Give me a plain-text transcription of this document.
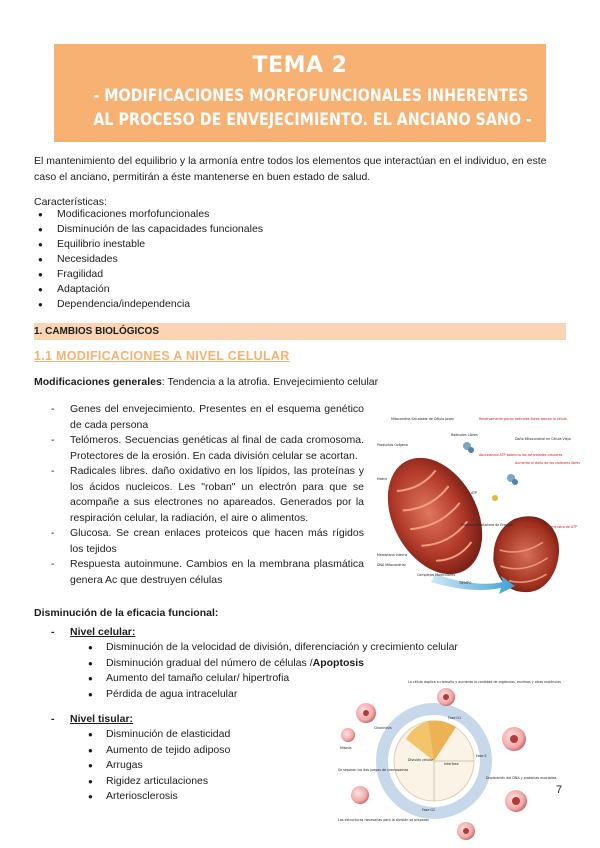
TEMA 2
- MODIFICACIONES MORFOFUNCIONALES INHERENTES
AL PROCESO DE ENVEJECIMIENTO. EL ANCIANO SANO -
El mantenimiento del equilibrio y la armonía entre todos los elementos que interactúan en el individuo, en este caso el anciano, permitirán a éste mantenerse en buen estado de salud.
Características:
● Modificaciones morfofuncionales
● Disminución de las capacidades funcionales
● Equilibrio inestable
● Necesidades
● Fragilidad
● Adaptación
● Dependencia/independencia
1. CAMBIOS BIOLÓGICOS
1.1 MODIFICACIONES A NIVEL CELULAR
Modificaciones generales: Tendencia a la atrofia. Envejecimiento celular
- Genes del envejecimiento. Presentes en el esquema genético de cada persona
- Telómeros. Secuencias genéticas al final de cada cromosoma. Protectores de la erosión. En cada división celular se acortan.
- Radicales libres. daño oxidativo en los lípidos, las proteínas y los ácidos nucleicos. Les "roban" un electrón para que se acompañe a sus electrones no apareados. Generados por la respiración celular, la radiación, el aire o alimentos.
- Glucosa. Se crean enlaces proteicos que hacen más rígidos los tejidos
- Respuesta autoinmune. Cambios en la membrana plasmática genera Ac que destruyen células	TIEMPO
Mitocondria Saludable de Célula Joven
Radicales Libres
Productos Ozígeno
Relativamente pocos radicales libres atacan la célula
Abundancia ATP potencia las actividades celulares
Daño Mitocondrial en Célula Vieja
Aumenta el daño de los radicales libres
ATP
Membrana interna
Matriz
DNA Mitocondrial
Complejos Moleculares
Maquina Productora de Energía	Disminuye el suministro de ATP
Disminución de la eficacia funcional:
- Nivel celular:
● Disminución de la velocidad de división, diferenciación y crecimiento celular
● Disminución gradual del número de células /Apoptosis
● Aumento del tamaño celular/ hipertrofia
● Pérdida de agua intracelular
- Nivel tisular:
● Disminución de elasticidad
● Aumento de tejido adiposo
● Arrugas
● Rigidez articulaciones
● Arteriosclerosis
La célula duplica su tamaño y aumenta la cantidad de orgánulos, enzimas y otras moléculas
Fase G1
Fase S
Fase G2
Interfase
División celular
Citocinesis
Mitosis
Duplicación del DNA y proteínas asociadas
Se separan los dos juegos de cromosomas
Las estructuras necesarias para la división se preparan
7
